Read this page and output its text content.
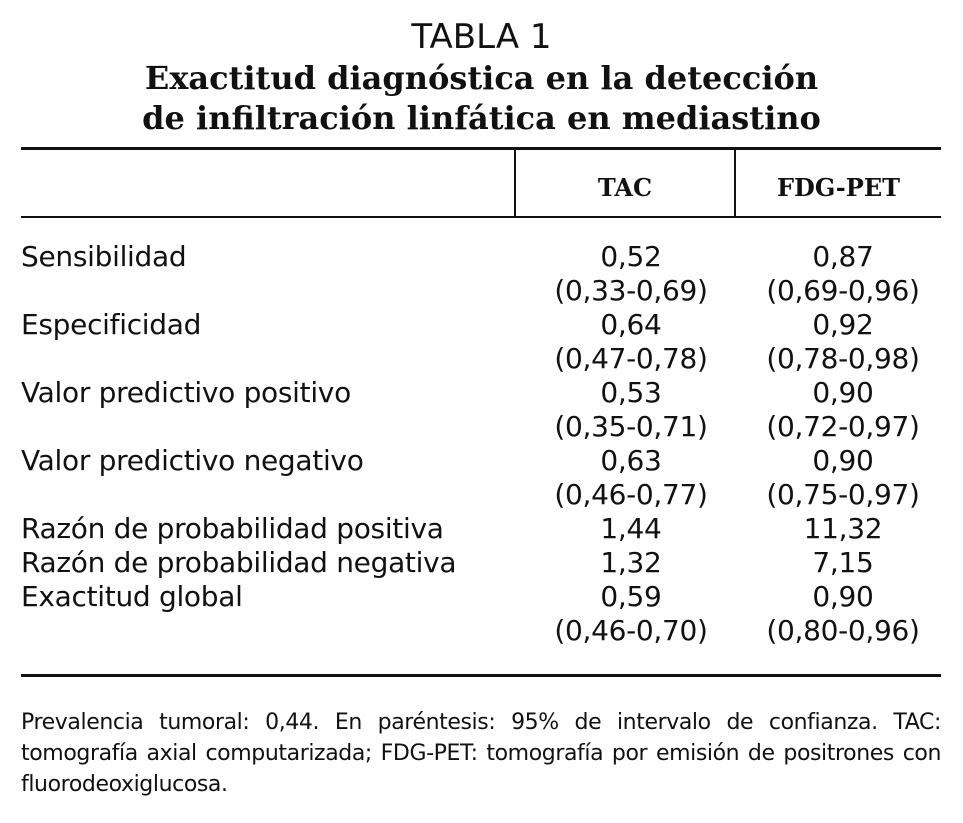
TABLA 1
Exactitud diagnóstica en la detección
de infiltración linfática en mediastino
TAC	FDG-PET
Sensibilidad	0,52	0,87
(0,33-0,69)	(0,69-0,96)
Especificidad	0,64	0,92
(0,47-0,78)	(0,78-0,98)
Valor predictivo positivo	0,53	0,90
(0,35-0,71)	(0,72-0,97)
Valor predictivo negativo	0,63	0,90
(0,46-0,77)	(0,75-0,97)
Razón de probabilidad positiva	1,44	11,32
Razón de probabilidad negativa	1,32	7,15
Exactitud global	0,59	0,90
(0,46-0,70)	(0,80-0,96)
Prevalencia tumoral: 0,44. En paréntesis: 95% de intervalo de confianza. TAC: tomografía axial computarizada; FDG-PET: tomografía por emisión de positrones con fluorodeoxiglucosa.
